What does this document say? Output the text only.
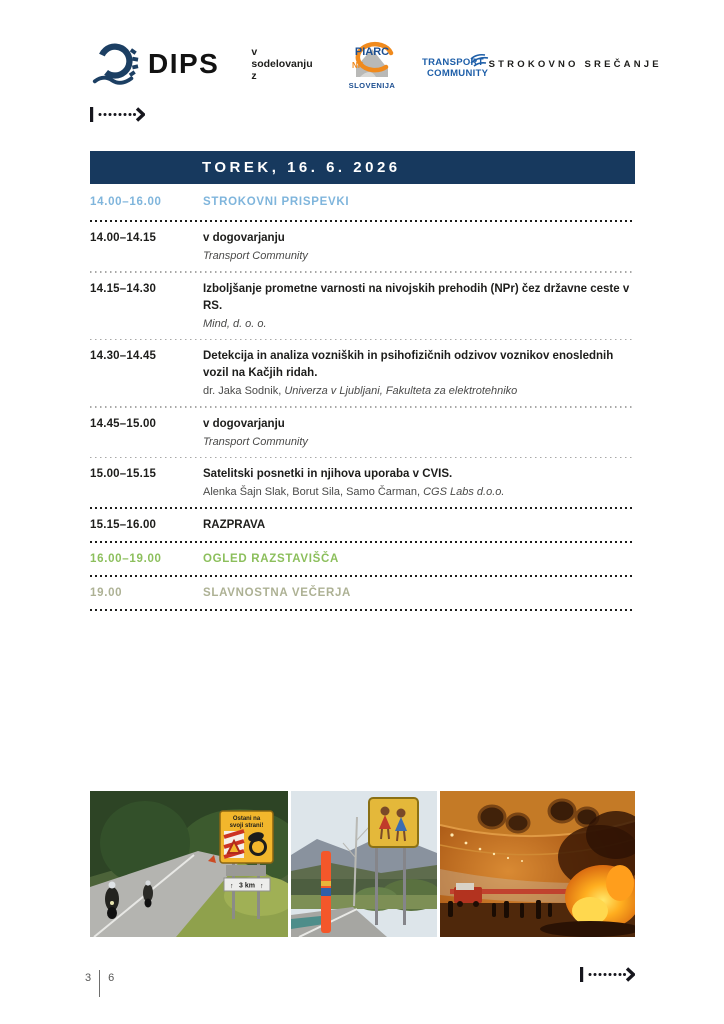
DIPS	v sodelovanju z
PIARC
NK
SLOVENIJA
TRANSPORT
COMMUNITY
STROKOVNO SREČANJE
TOREK, 16. 6. 2026
14.00–16.00	STROKOVNI PRISPEVKI
14.00–14.15	v dogovarjanju
Transport Community
14.15–14.30	Izboljšanje prometne varnosti na nivojskih prehodih (NPr) čez državne ceste v RS.
Mind, d. o. o.
14.30–14.45	Detekcija in analiza vozniških in psihofizičnih odzivov voznikov enoslednih vozil na Kačjih ridah.
dr. Jaka Sodnik, Univerza v Ljubljani, Fakulteta za elektrotehniko
14.45–15.00	v dogovarjanju
Transport Community
15.00–15.15	Satelitski posnetki in njihova uporaba v CVIS.
Alenka Šajn Slak, Borut Sila, Samo Čarman, CGS Labs d.o.o.
15.15–16.00	RAZPRAVA
16.00–19.00	OGLED RAZSTAVIŠČA
19.00	SLAVNOSTNA VEČERJA
Ostani na
svoji strani!
3 km
↑	↑
3 6
